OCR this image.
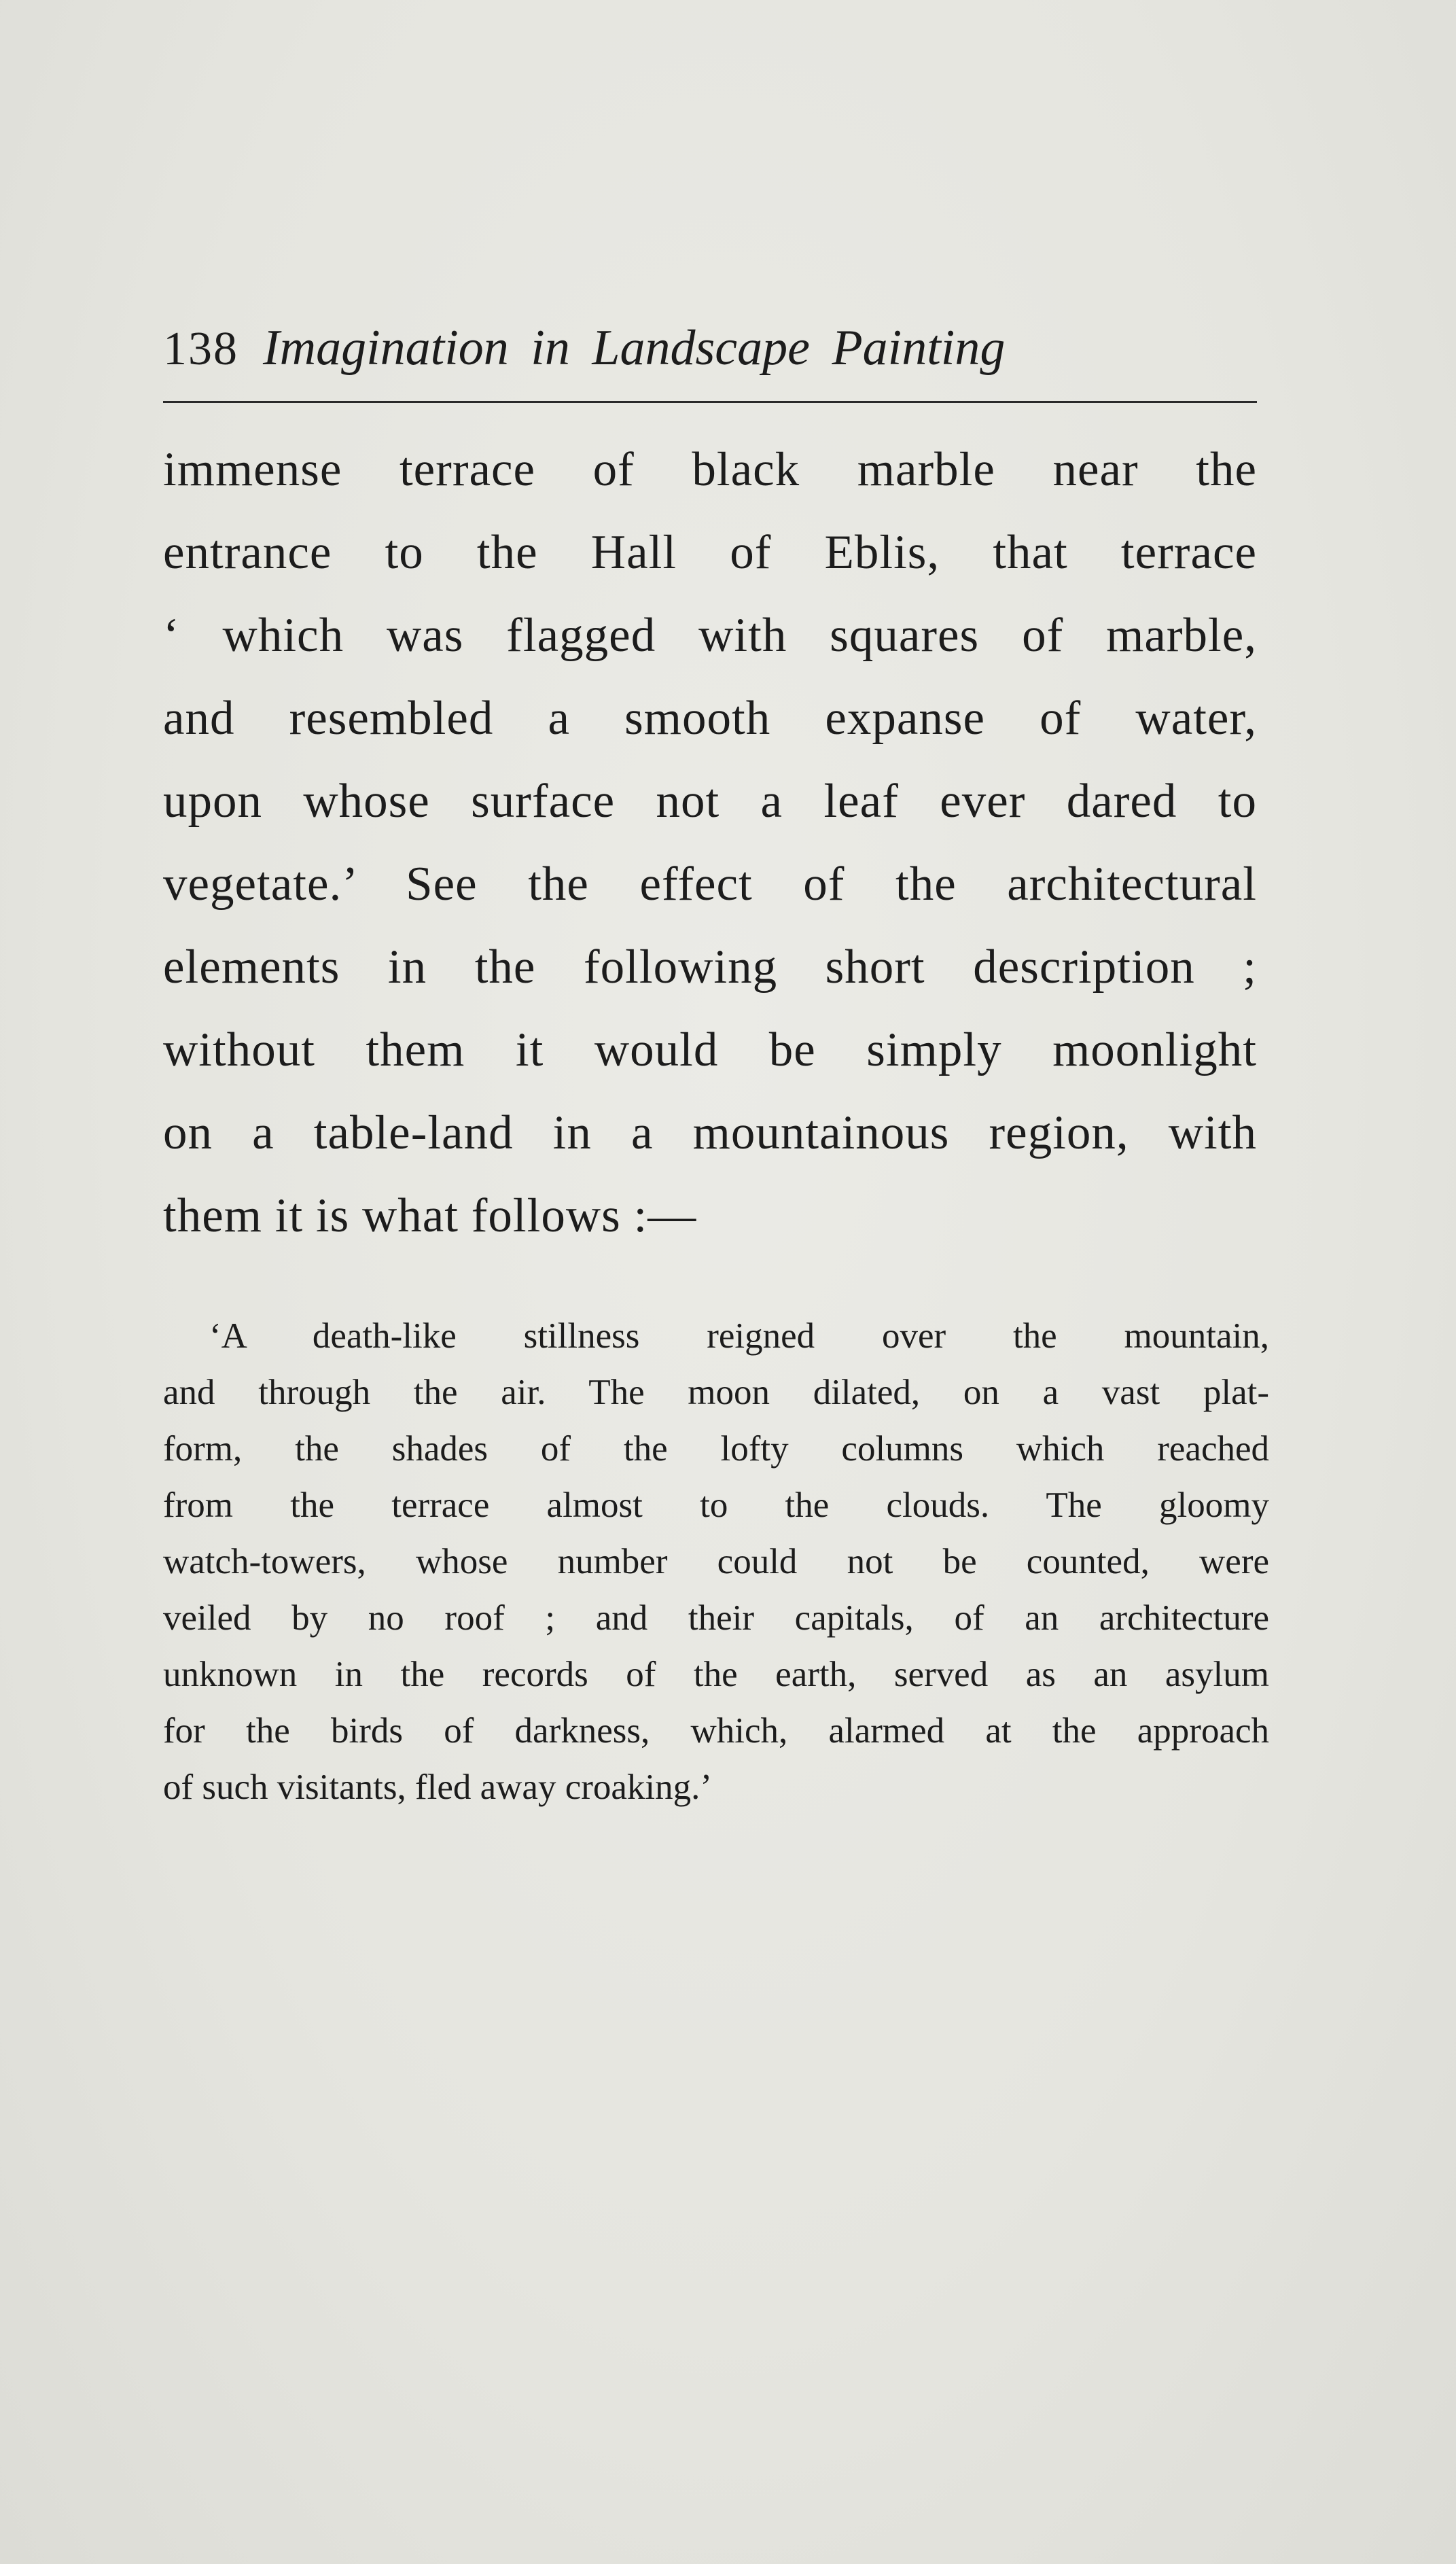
138 Imagination in Landscape Painting
immense terrace of black marble near the
entrance to the Hall of Eblis, that terrace
‘ which was flagged with squares of marble,
and resembled a smooth expanse of water,
upon whose surface not a leaf ever dared to
vegetate.’ See the effect of the architectural
elements in the following short description ;
without them it would be simply moonlight
on a table-land in a mountainous region, with
them it is what follows :—
‘A death-like stillness reigned over the mountain,
and through the air. The moon dilated, on a vast plat-
form, the shades of the lofty columns which reached
from the terrace almost to the clouds. The gloomy
watch-towers, whose number could not be counted, were
veiled by no roof ; and their capitals, of an architecture
unknown in the records of the earth, served as an asylum
for the birds of darkness, which, alarmed at the approach
of such visitants, fled away croaking.’
